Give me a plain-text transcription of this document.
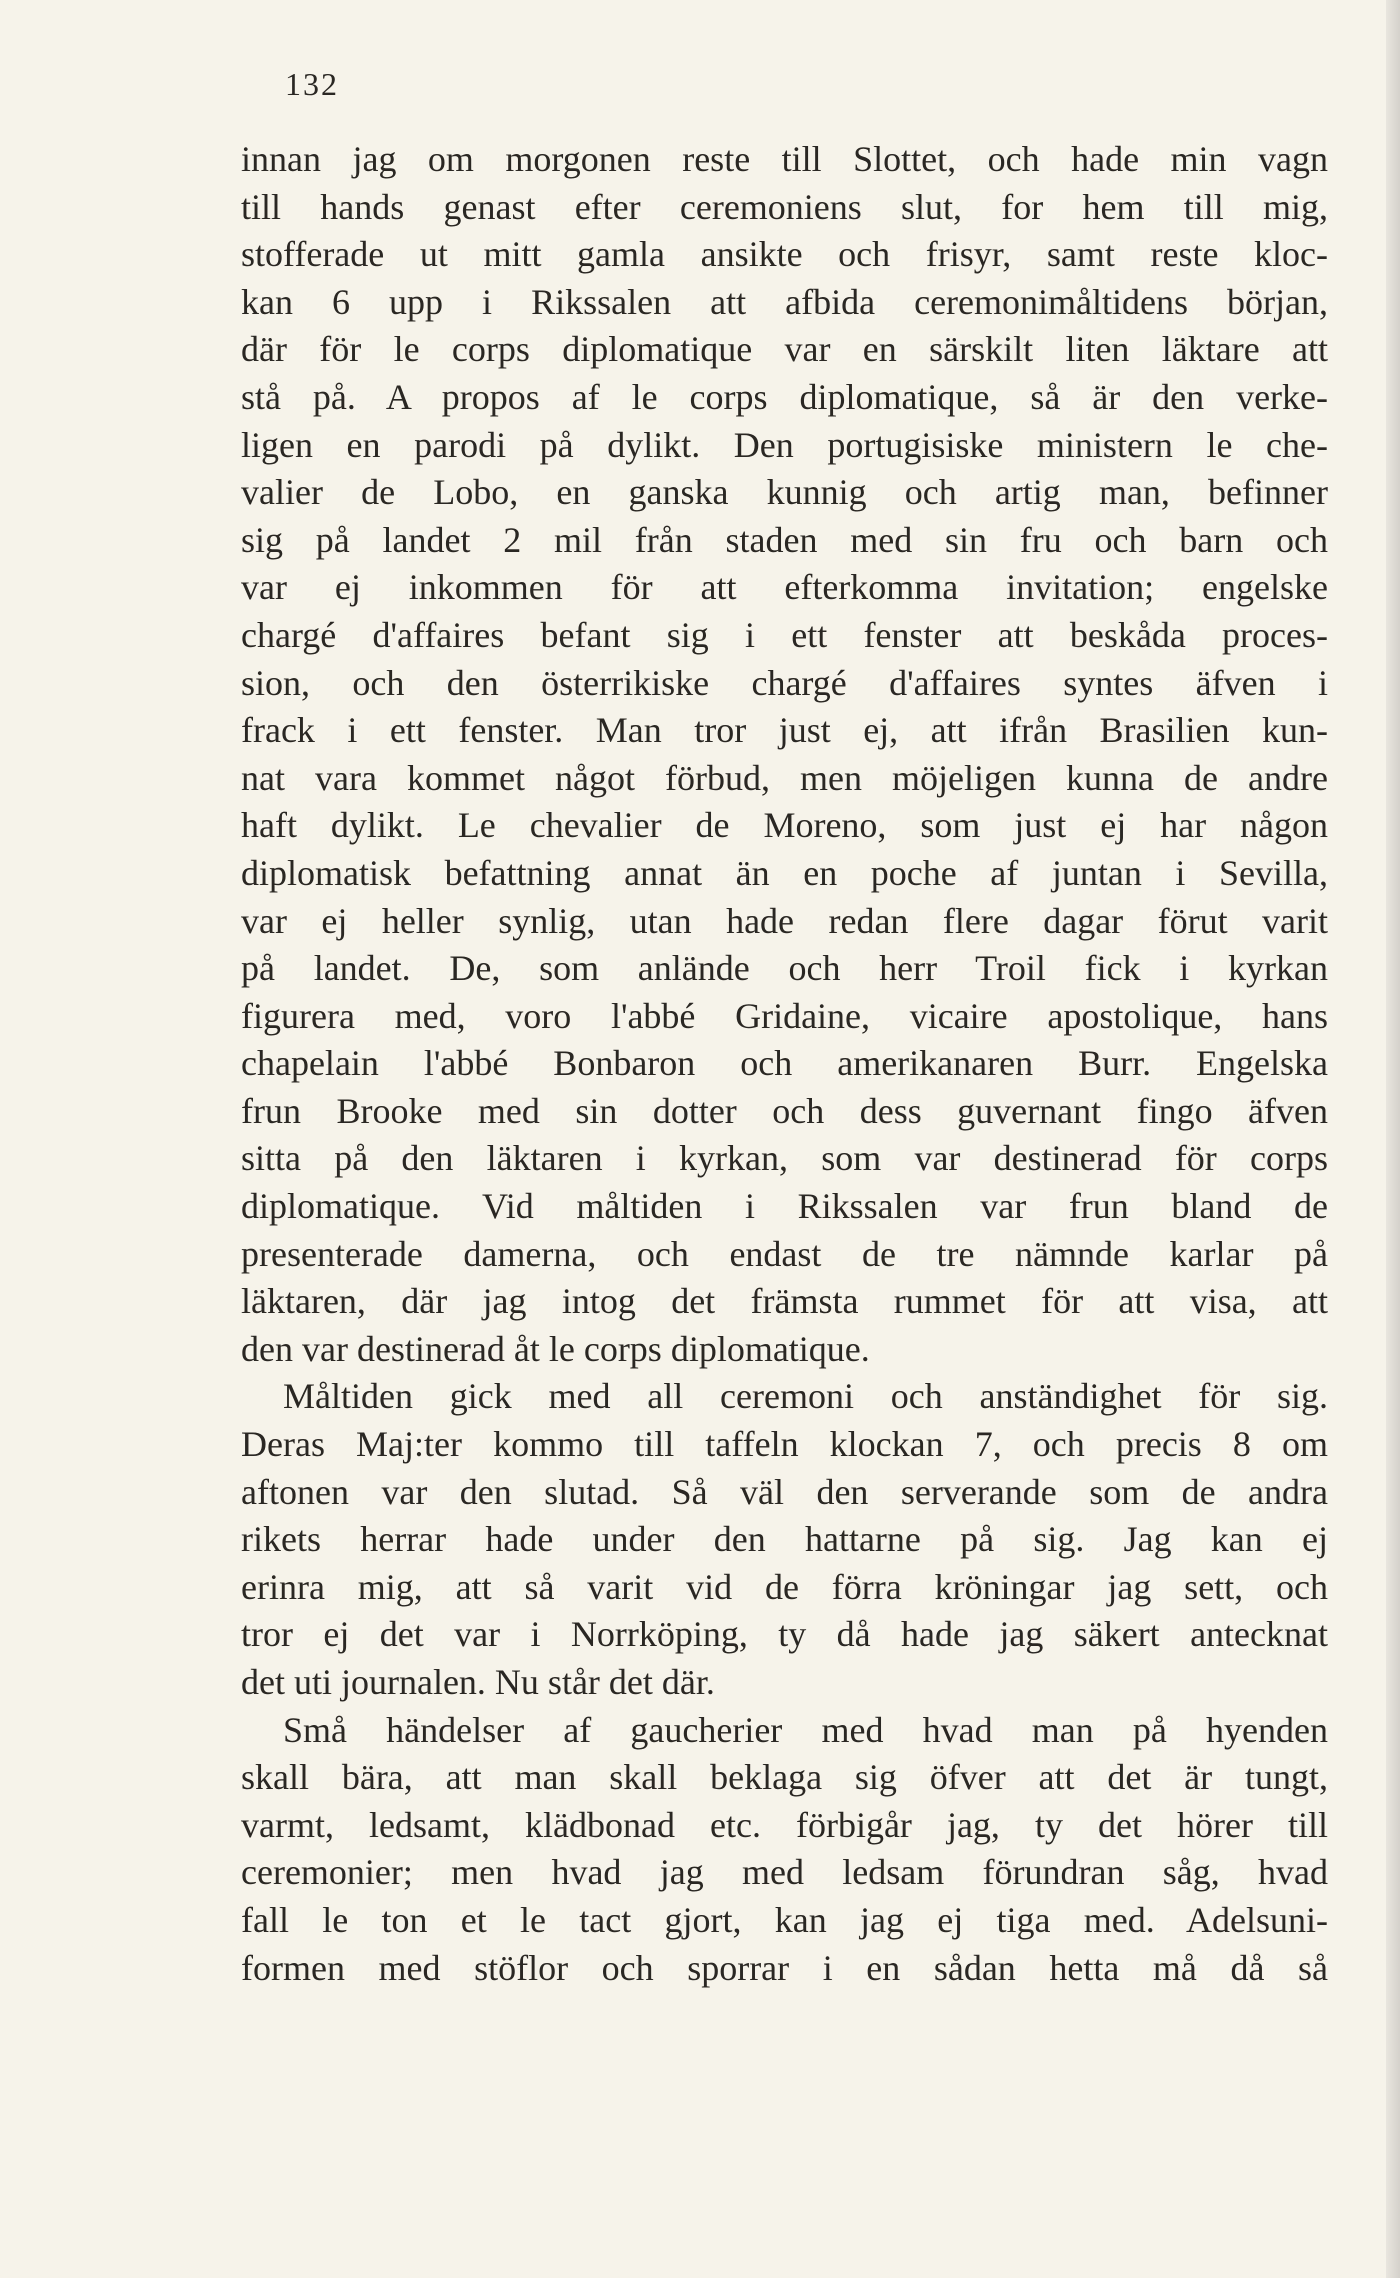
132
innan jag om morgonen reste till Slottet, och hade min vagn
till hands genast efter ceremoniens slut, for hem till mig,
stofferade ut mitt gamla ansikte och frisyr, samt reste kloc-
kan 6 upp i Rikssalen att afbida ceremonimåltidens början,
där för le corps diplomatique var en särskilt liten läktare att
stå på. A propos af le corps diplomatique, så är den verke-
ligen en parodi på dylikt. Den portugisiske ministern le che-
valier de Lobo, en ganska kunnig och artig man, befinner
sig på landet 2 mil från staden med sin fru och barn och
var ej inkommen för att efterkomma invitation; engelske
chargé d'affaires befant sig i ett fenster att beskåda proces-
sion, och den österrikiske chargé d'affaires syntes äfven i
frack i ett fenster. Man tror just ej, att ifrån Brasilien kun-
nat vara kommet något förbud, men möjeligen kunna de andre
haft dylikt. Le chevalier de Moreno, som just ej har någon
diplomatisk befattning annat än en poche af juntan i Sevilla,
var ej heller synlig, utan hade redan flere dagar förut varit
på landet. De, som anlände och herr Troil fick i kyrkan
figurera med, voro l'abbé Gridaine, vicaire apostolique, hans
chapelain l'abbé Bonbaron och amerikanaren Burr. Engelska
frun Brooke med sin dotter och dess guvernant fingo äfven
sitta på den läktaren i kyrkan, som var destinerad för corps
diplomatique. Vid måltiden i Rikssalen var frun bland de
presenterade damerna, och endast de tre nämnde karlar på
läktaren, där jag intog det främsta rummet för att visa, att
den var destinerad åt le corps diplomatique.
Måltiden gick med all ceremoni och anständighet för sig.
Deras Maj:ter kommo till taffeln klockan 7, och precis 8 om
aftonen var den slutad. Så väl den serverande som de andra
rikets herrar hade under den hattarne på sig. Jag kan ej
erinra mig, att så varit vid de förra kröningar jag sett, och
tror ej det var i Norrköping, ty då hade jag säkert antecknat
det uti journalen. Nu står det där.
Små händelser af gaucherier med hvad man på hyenden
skall bära, att man skall beklaga sig öfver att det är tungt,
varmt, ledsamt, klädbonad etc. förbigår jag, ty det hörer till
ceremonier; men hvad jag med ledsam förundran såg, hvad
fall le ton et le tact gjort, kan jag ej tiga med. Adelsuni-
formen med stöflor och sporrar i en sådan hetta må då så
